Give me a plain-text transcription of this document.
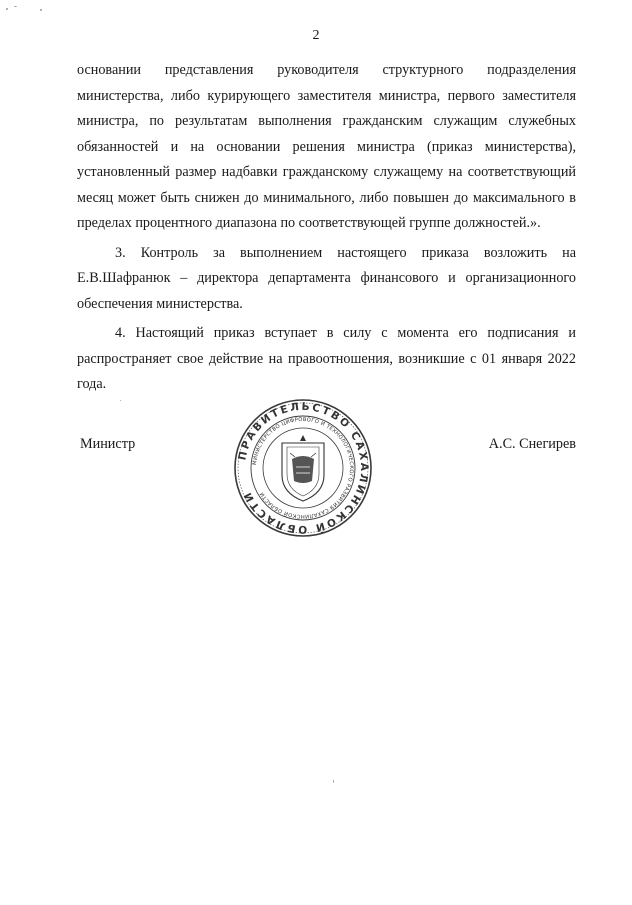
2

основании представления руководителя структурного подразделения министерства, либо курирующего заместителя министра, первого заместителя министра, по результатам выполнения гражданским служащим служебных обязанностей и на основании решения министра (приказ министерства), установленный размер надбавки гражданскому служащему на соответствующий месяц может быть снижен до минимального, либо повышен до максимального в пределах процентного диапазона по соответствующей группе должностей.».

3. Контроль за выполнением настоящего приказа возложить на Е.В.Шафранюк – директора департамента финансового и организационного обеспечения министерства.

4. Настоящий приказ вступает в силу с момента его подписания и распространяет свое действие на правоотношения, возникшие с 01 января 2022 года.

Министр	А.С. Снегирев
ПРАВИТЕЛЬСТВО САХАЛИНСКОЙ ОБЛАСТИ
МИНИСТЕРСТВО ЦИФРОВОГО И ТЕХНОЛОГИЧЕСКОГО РАЗВИТИЯ САХАЛИНСКОЙ ОБЛАСТИ
